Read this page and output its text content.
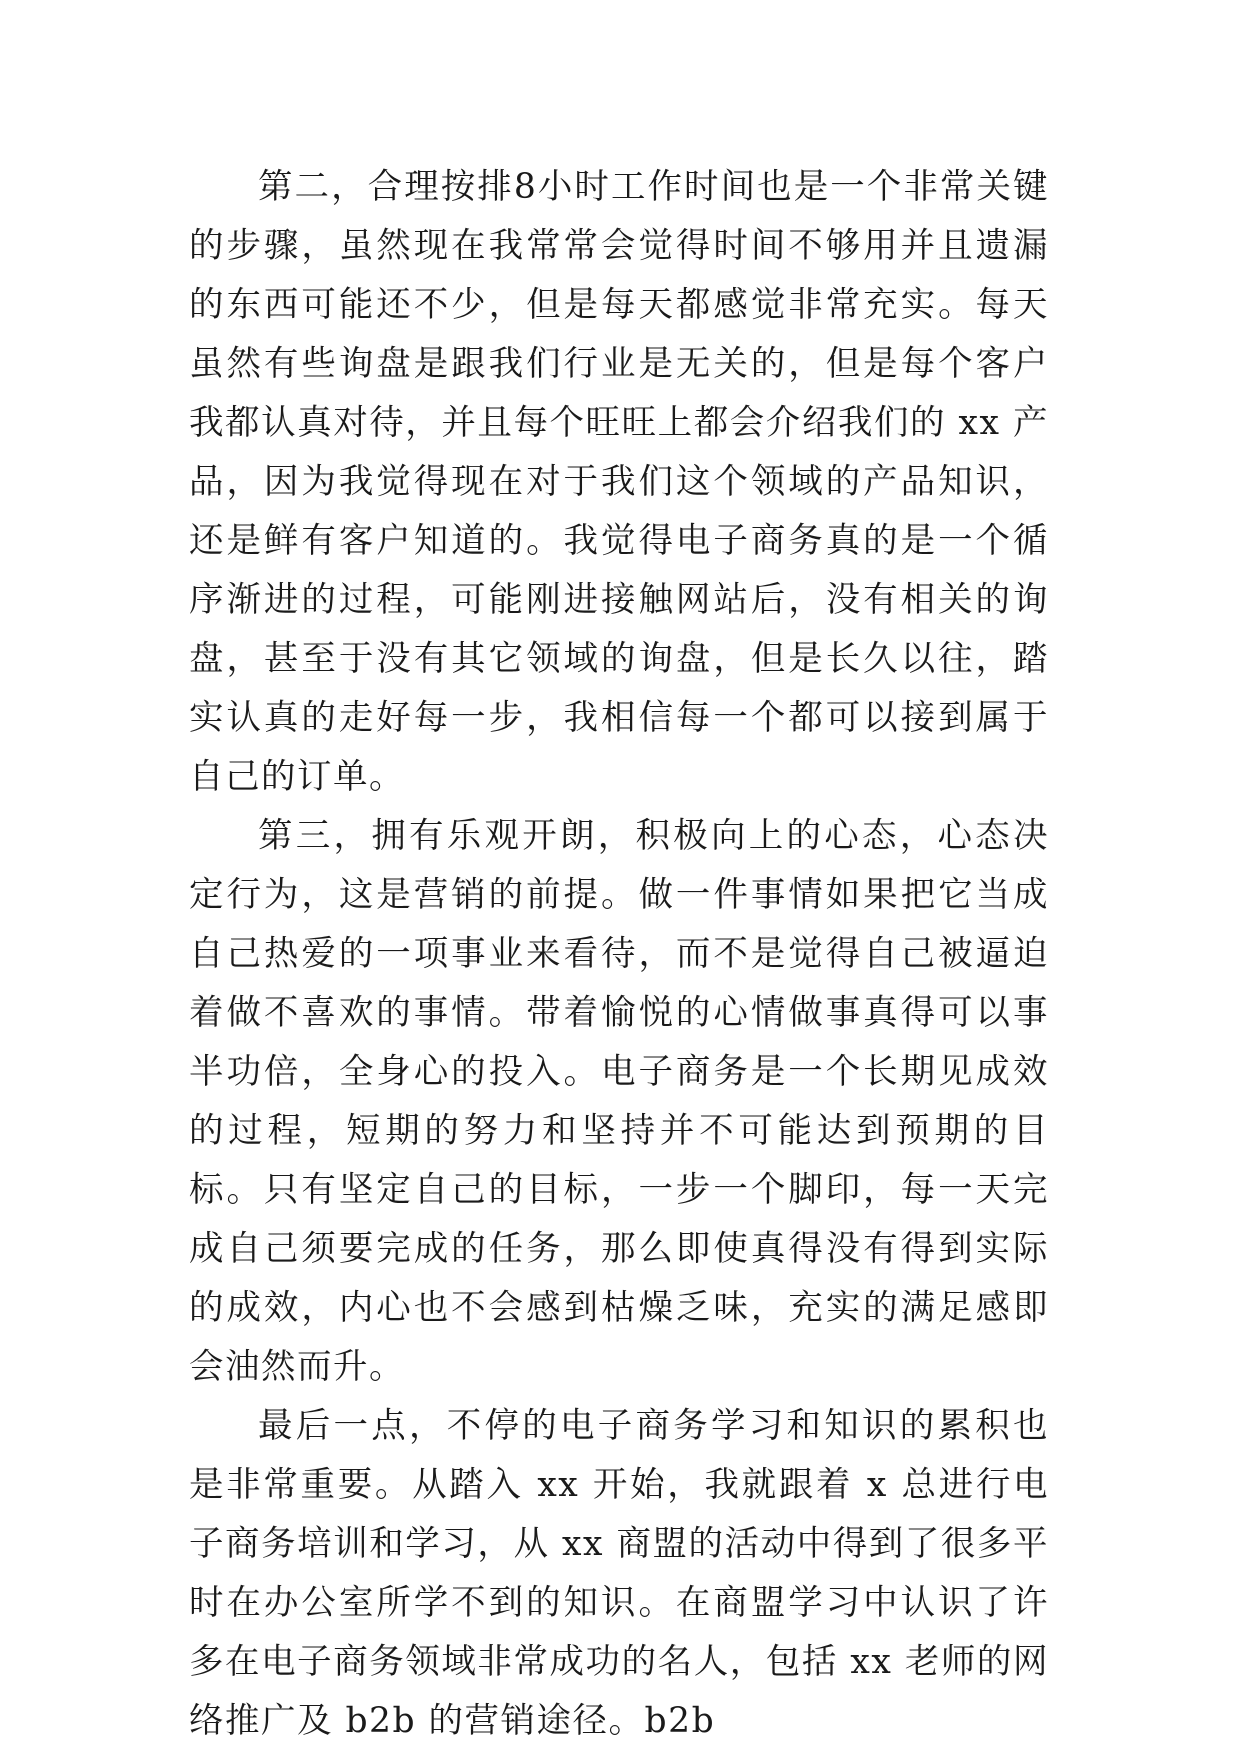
第二，合理按排8小时工作时间也是一个非常关键的步骤，虽然现在我常常会觉得时间不够用并且遗漏的东西可能还不少，但是每天都感觉非常充实。每天虽然有些询盘是跟我们行业是无关的，但是每个客户我都认真对待，并且每个旺旺上都会介绍我们的 xx 产品，因为我觉得现在对于我们这个领域的产品知识，还是鲜有客户知道的。我觉得电子商务真的是一个循序渐进的过程，可能刚进接触网站后，没有相关的询盘，甚至于没有其它领域的询盘，但是长久以往，踏实认真的走好每一步，我相信每一个都可以接到属于自己的订单。

第三，拥有乐观开朗，积极向上的心态，心态决定行为，这是营销的前提。做一件事情如果把它当成自己热爱的一项事业来看待，而不是觉得自己被逼迫着做不喜欢的事情。带着愉悦的心情做事真得可以事半功倍，全身心的投入。电子商务是一个长期见成效的过程，短期的努力和坚持并不可能达到预期的目标。只有坚定自己的目标，一步一个脚印，每一天完成自己须要完成的任务，那么即使真得没有得到实际的成效，内心也不会感到枯燥乏味，充实的满足感即会油然而升。

最后一点，不停的电子商务学习和知识的累积也是非常重要。从踏入 xx 开始，我就跟着 x 总进行电子商务培训和学习，从 xx 商盟的活动中得到了很多平时在办公室所学不到的知识。在商盟学习中认识了许多在电子商务领域非常成功的名人，包括 xx 老师的网络推广及 b2b 的营销途径。b2b
